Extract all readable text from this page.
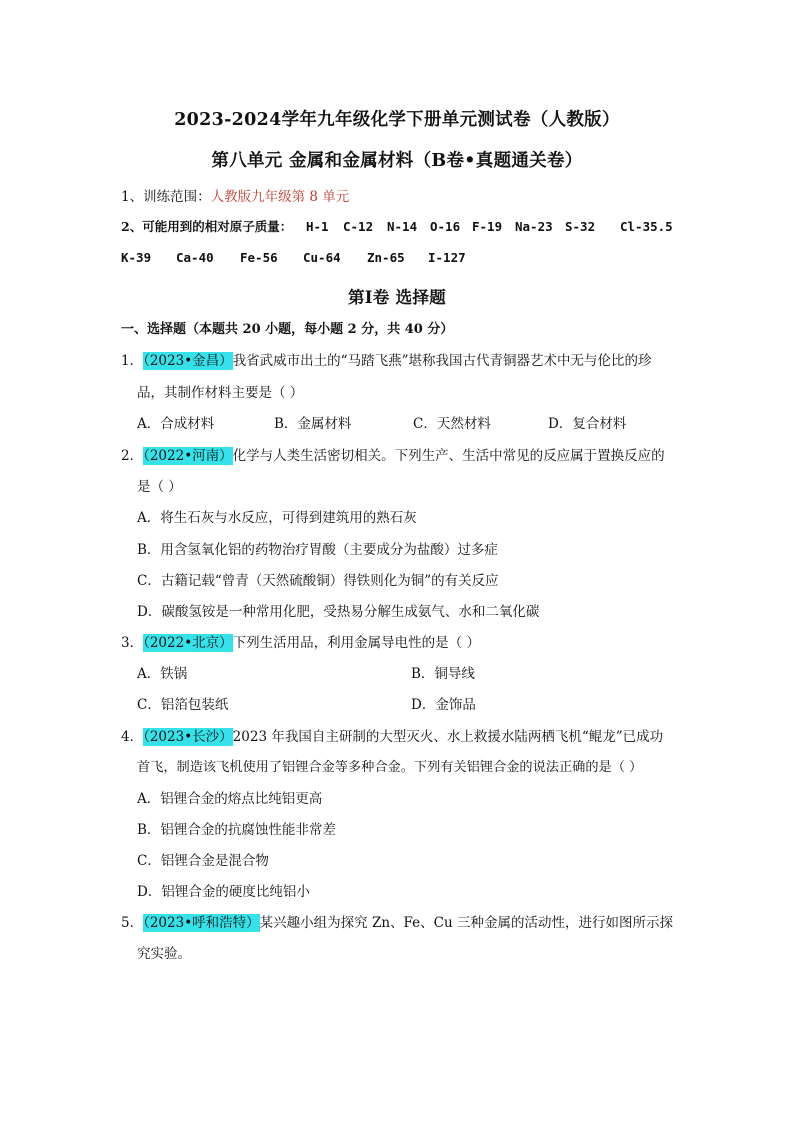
2023-2024学年九年级化学下册单元测试卷（人教版）
第八单元 金属和金属材料（B卷•真题通关卷）
1、训练范围：人教版九年级第 8 单元
2、可能用到的相对原子质量： H-1 C-12 N-14 O-16 F-19 Na-23 S-32 Cl-35.5
K-39 Ca-40 Fe-56 Cu-64 Zn-65 I-127
第Ⅰ卷 选择题
一、选择题（本题共 20 小题，每小题 2 分，共 40 分）
1．（2023•金昌）我省武威市出土的“马踏飞燕”堪称我国古代青铜器艺术中无与伦比的珍
品，其制作材料主要是（ ）
A．合成材料	B．金属材料	C．天然材料	D．复合材料
2．（2022•河南）化学与人类生活密切相关。下列生产、生活中常见的反应属于置换反应的
是（ ）
A．将生石灰与水反应，可得到建筑用的熟石灰
B．用含氢氧化铝的药物治疗胃酸（主要成分为盐酸）过多症
C．古籍记载“曾青（天然硫酸铜）得铁则化为铜”的有关反应
D．碳酸氢铵是一种常用化肥，受热易分解生成氨气、水和二氧化碳
3．（2022•北京）下列生活用品，利用金属导电性的是（ ）
A．铁锅	B．铜导线
C．铝箔包装纸	D．金饰品
4．（2023•长沙）2023 年我国自主研制的大型灭火、水上救援水陆两栖飞机“鲲龙”已成功
首飞，制造该飞机使用了铝锂合金等多种合金。下列有关铝锂合金的说法正确的是（ ）
A．铝锂合金的熔点比纯铝更高
B．铝锂合金的抗腐蚀性能非常差
C．铝锂合金是混合物
D．铝锂合金的硬度比纯铝小
5．（2023•呼和浩特）某兴趣小组为探究 Zn、Fe、Cu 三种金属的活动性，进行如图所示探
究实验。
